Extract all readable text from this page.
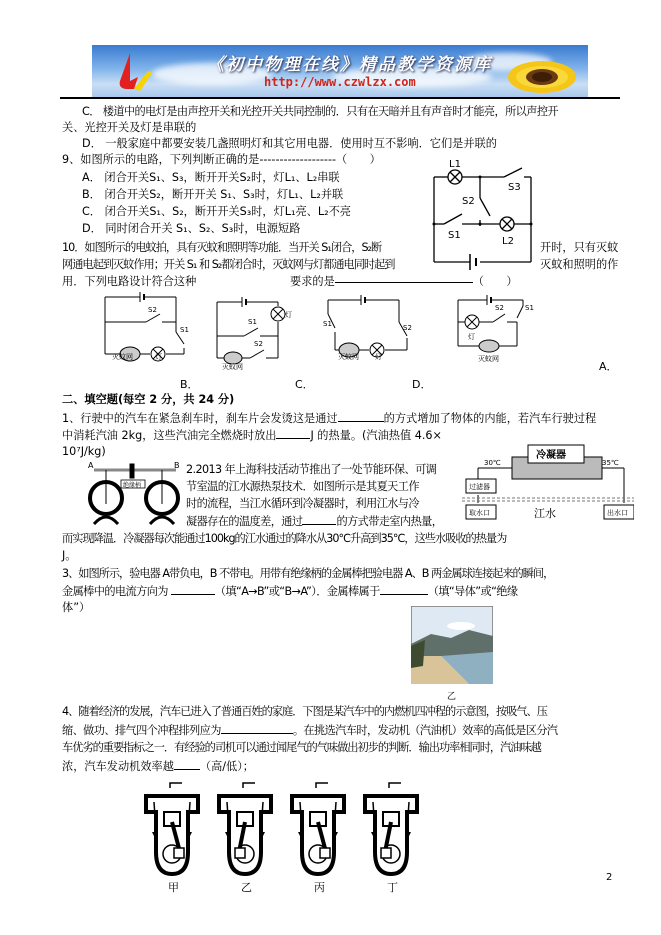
《初中物理在线》精品教学资源库
http://www.czwlzx.com
C． 楼道中的电灯是由声控开关和光控开关共同控制的．只有在天暗并且有声音时才能亮，所以声控开
关、光控开关及灯是串联的
D． 一般家庭中都要安装几盏照明灯和其它用电器．使用时互不影响．它们是并联的
9、如图所示的电路，下列判断正确的是-------------------（　　）
A． 闭合开关S₁、S₃，断开开关S₂时，灯L₁、L₂串联
B． 闭合开关S₂，断开开关 S₁、S₃时，灯L₁、L₂并联
C． 闭合开关S₁、S₂，断开开关S₃时，灯L₁亮、L₂不亮
D． 同时闭合开关 S₁、S₂、S₃时，电源短路
L1
S3
S2
S1
L2
10．如图所示的电蚊拍，具有灭蚊和照明等功能．当开关 S₁闭合，S₂断	开时，只有灭蚊
网通电起到灭蚊作用；开关 S₁ 和 S₂都闭合时，灭蚊网与灯都通电同时起到	灭蚊和照明的作
用．下列电路设计符合这种	要求的是	（　　）
S2
S1
灭蚊网	灯
灯
S1
S2
灭蚊网
S1	S2
灭蚊网 灯
S2	S1
灯
灭蚊网
A．
B．	C．	D．
二、填空题(每空 2 分，共 24 分)
1、行驶中的汽车在紧急刹车时，刹车片会发烫这是通过	的方式增加了物体的内能，若汽车行驶过程
中消耗汽油 2kg，这些汽油完全燃烧时放出	J 的热量。(汽油热值 4.6×
10⁷J/kg)
绝缘柄
A	B 2.2013 年上海科技活动节推出了一处节能环保、可调
节室温的江水源热泵技术．如图所示是其夏天工作
时的流程，当江水循环到冷凝器时，利用江水与冷
凝器存在的温度差，通过	的方式带走室内热量，
而实现降温．冷凝器每次能通过100kg的江水通过的降水从30℃升高到35℃，这些水吸收的热量为
J。
冷凝器
30℃	35℃
过滤器
取水口	江水	出水口
3、如图所示，验电器 A带负电，B 不带电。用带有绝缘柄的金属棒把验电器 A、B 两金属球连接起来的瞬间，
金属棒中的电流方向为	（填“A→B”或“B→A”）．金属棒属于	（填“导体”或“绝缘
体”）
乙
4、随着经济的发展，汽车已进入了普通百姓的家庭．下图是某汽车中的内燃机四冲程的示意图，按吸气、压
缩、做功、排气四个冲程排列应为	。在挑选汽车时，发动机（汽油机）效率的高低是区分汽
车优劣的重要指标之一．有经验的司机可以通过闻尾气的气味做出初步的判断．输出功率相同时，汽油味越
浓，汽车发动机效率越 （高/低）；
甲	乙	丙	丁
2
